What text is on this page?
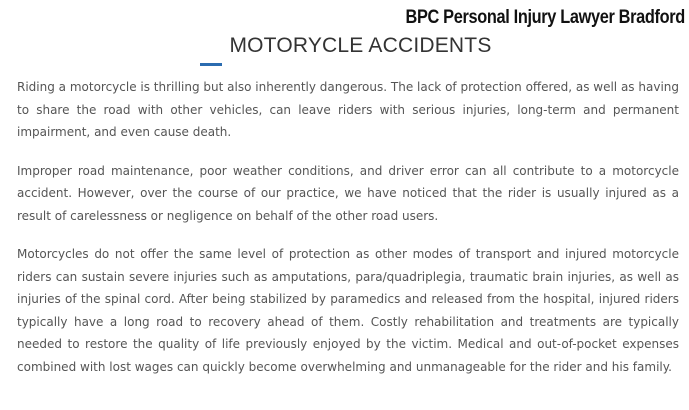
BPC Personal Injury Lawyer Bradford
MOTORYCLE ACCIDENTS

Riding a motorcycle is thrilling but also inherently dangerous. The lack of protection offered, as well as having to share the road with other vehicles, can leave riders with serious injuries, long-term and permanent impairment, and even cause death.

Improper road maintenance, poor weather conditions, and driver error can all contribute to a motorcycle accident. However, over the course of our practice, we have noticed that the rider is usually injured as a result of carelessness or negligence on behalf of the other road users.

Motorcycles do not offer the same level of protection as other modes of transport and injured motorcycle riders can sustain severe injuries such as amputations, para/quadriplegia, traumatic brain injuries, as well as injuries of the spinal cord. After being stabilized by paramedics and released from the hospital, injured riders typically have a long road to recovery ahead of them. Costly rehabilitation and treatments are typically needed to restore the quality of life previously enjoyed by the victim. Medical and out-of-pocket expenses combined with lost wages can quickly become overwhelming and unmanageable for the rider and his family.
